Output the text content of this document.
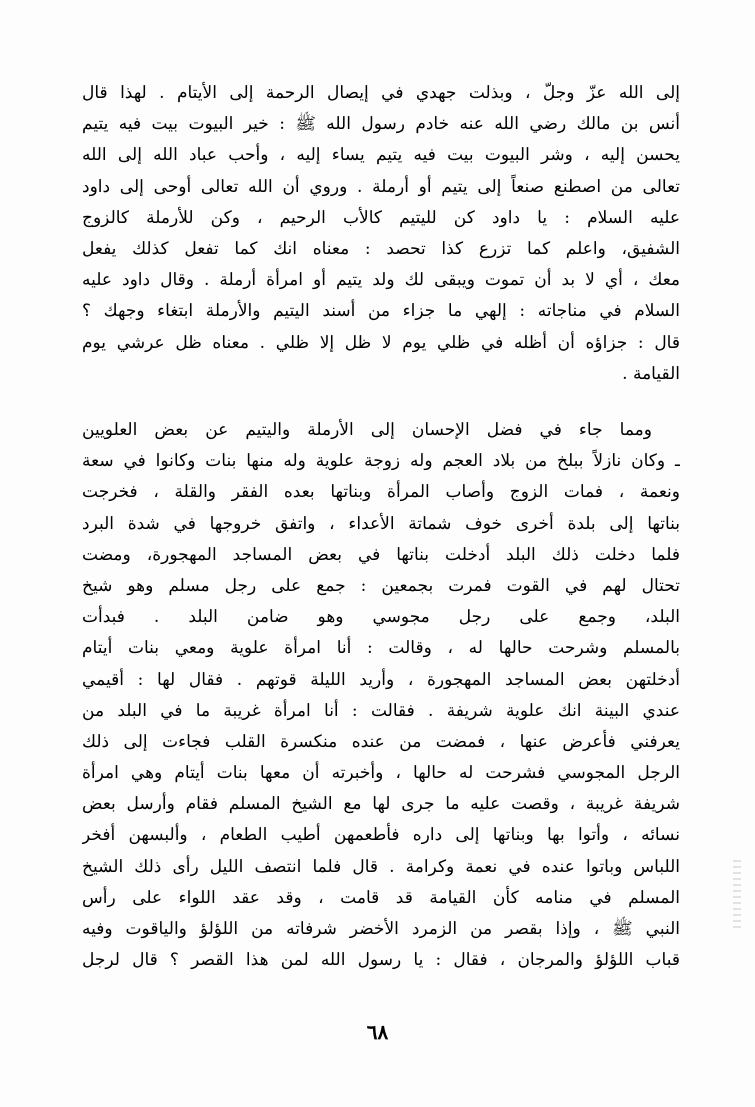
إلى الله عزّ وجلّ ، وبذلت جهدي في إيصال الرحمة إلى الأيتام . لهذا قال
أنس بن مالك رضي الله عنه خادم رسول الله ﷺ : خير البيوت بيت فيه يتيم
يحسن إليه ، وشر البيوت بيت فيه يتيم يساء إليه ، وأحب عباد الله إلى الله
تعالى من اصطنع صنعاً إلى يتيم أو أرملة . وروي أن الله تعالى أوحى إلى داود
عليه السلام : يا داود كن لليتيم كالأب الرحيم ، وكن للأرملة كالزوج
الشفيق، واعلم كما تزرع كذا تحصد : معناه انك كما تفعل كذلك يفعل
معك ، أي لا بد أن تموت ويبقى لك ولد يتيم أو امرأة أرملة . وقال داود عليه
السلام في مناجاته : إلهي ما جزاء من أسند اليتيم والأرملة ابتغاء وجهك ؟
قال : جزاؤه أن أظله في ظلي يوم لا ظل إلا ظلي . معناه ظل عرشي يوم
القيامة .
ومما جاء في فضل الإحسان إلى الأرملة واليتيم عن بعض العلويين
ـ وكان نازلاً ببلخ من بلاد العجم وله زوجة علوية وله منها بنات وكانوا في سعة
ونعمة ، فمات الزوج وأصاب المرأة وبناتها بعده الفقر والقلة ، فخرجت
بناتها إلى بلدة أخرى خوف شماتة الأعداء ، واتفق خروجها في شدة البرد
فلما دخلت ذلك البلد أدخلت بناتها في بعض المساجد المهجورة، ومضت
تحتال لهم في القوت فمرت بجمعين : جمع على رجل مسلم وهو شيخ
البلد، وجمع على رجل مجوسي وهو ضامن البلد . فبدأت
بالمسلم وشرحت حالها له ، وقالت : أنا امرأة علوية ومعي بنات أيتام
أدخلتهن بعض المساجد المهجورة ، وأريد الليلة قوتهم . فقال لها : أقيمي
عندي البينة انك علوية شريفة . فقالت : أنا امرأة غريبة ما في البلد من
يعرفني فأعرض عنها ، فمضت من عنده منكسرة القلب فجاءت إلى ذلك
الرجل المجوسي فشرحت له حالها ، وأخبرته أن معها بنات أيتام وهي امرأة
شريفة غريبة ، وقصت عليه ما جرى لها مع الشيخ المسلم فقام وأرسل بعض
نسائه ، وأتوا بها وبناتها إلى داره فأطعمهن أطيب الطعام ، وألبسهن أفخر
اللباس وباتوا عنده في نعمة وكرامة . قال فلما انتصف الليل رأى ذلك الشيخ
المسلم في منامه كأن القيامة قد قامت ، وقد عقد اللواء على رأس
النبي ﷺ ، وإذا بقصر من الزمرد الأخضر شرفاته من اللؤلؤ والياقوت وفيه
قباب اللؤلؤ والمرجان ، فقال : يا رسول الله لمن هذا القصر ؟ قال لرجل
٦٨
